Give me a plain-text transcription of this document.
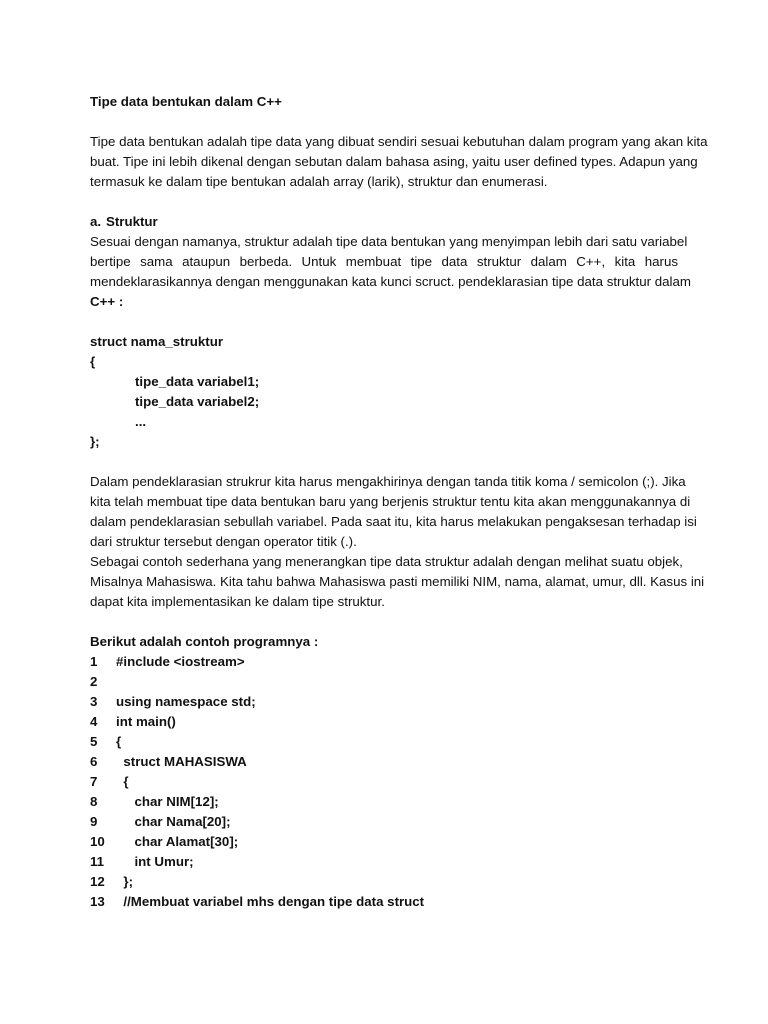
Tipe data bentukan dalam C++
Tipe data bentukan adalah tipe data yang dibuat sendiri sesuai kebutuhan dalam program yang akan kita
buat. Tipe ini lebih dikenal dengan sebutan dalam bahasa asing, yaitu user defined types. Adapun yang
termasuk ke dalam tipe bentukan adalah array (larik), struktur dan enumerasi.
a. Struktur
Sesuai dengan namanya, struktur adalah tipe data bentukan yang menyimpan lebih dari satu variabel
bertipe sama ataupun berbeda. Untuk membuat tipe data struktur dalam C++, kita harus
mendeklarasikannya dengan menggunakan kata kunci scruct. pendeklarasian tipe data struktur dalam
C++ :
struct nama_struktur
{
tipe_data variabel1;
tipe_data variabel2;
...
};
Dalam pendeklarasian strukrur kita harus mengakhirinya dengan tanda titik koma / semicolon (;). Jika
kita telah membuat tipe data bentukan baru yang berjenis struktur tentu kita akan menggunakannya di
dalam pendeklarasian sebullah variabel. Pada saat itu, kita harus melakukan pengaksesan terhadap isi
dari struktur tersebut dengan operator titik (.).
Sebagai contoh sederhana yang menerangkan tipe data struktur adalah dengan melihat suatu objek,
Misalnya Mahasiswa. Kita tahu bahwa Mahasiswa pasti memiliki NIM, nama, alamat, umur, dll. Kasus ini
dapat kita implementasikan ke dalam tipe struktur.
Berikut adalah contoh programnya :
1	#include <iostream>
2
3	using namespace std;
4	int main()
5	{
6	struct MAHASISWA
7	{
8	char NIM[12];
9	char Nama[20];
10 char Alamat[30];
11 int Umur;
12 };
13 //Membuat variabel mhs dengan tipe data struct
